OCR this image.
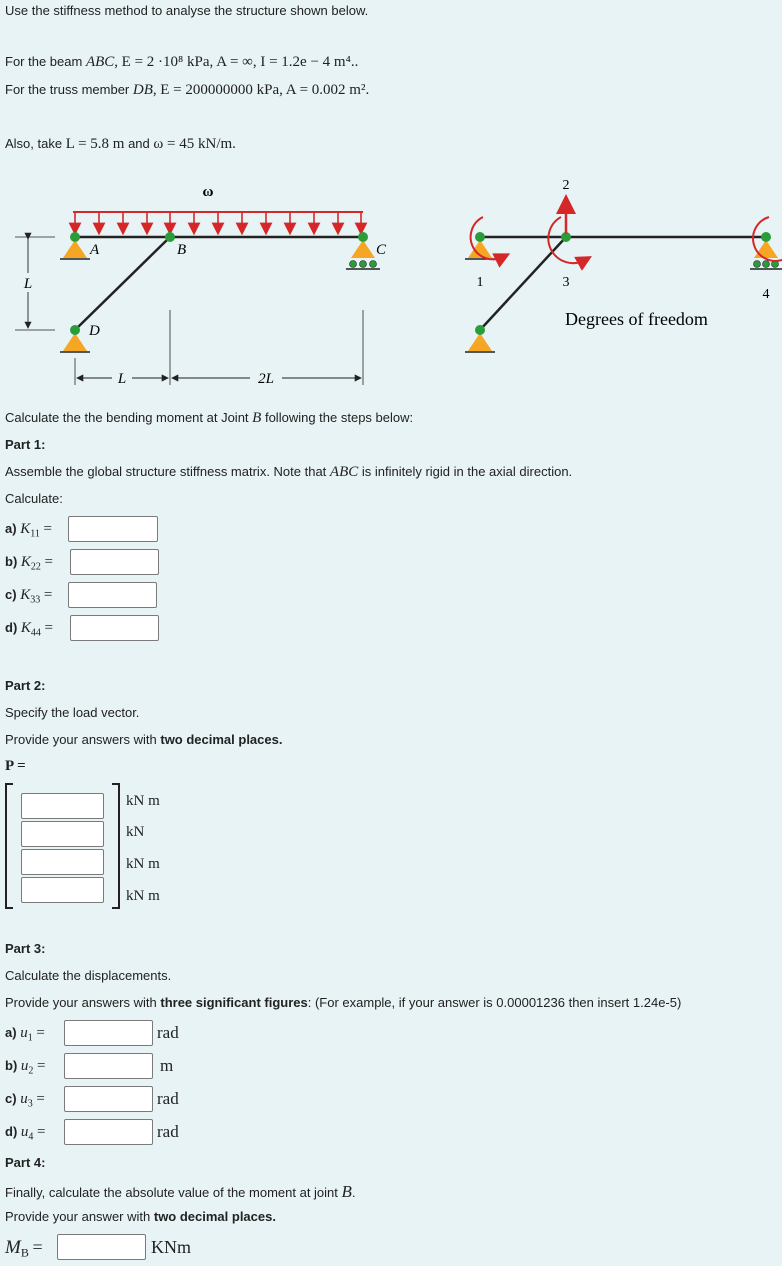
Use the stiffness method to analyse the structure shown below.
For the beam ABC, E = 2 ·10⁸ kPa, A = ∞, I = 1.2e − 4 m⁴..
For the truss member DB, E = 200000000 kPa, A = 0.002 m².
Also, take L = 5.8 m and ω = 45 kN/m.
ω
A	B	C
D
L
L	2L
1
2
3
4
Degrees of freedom
Calculate the the bending moment at Joint B following the steps below:
Part 1:
Assemble the global structure stiffness matrix. Note that ABC is infinitely rigid in the axial direction.
Calculate:
a) $K_{11}$ =
b) $K_{22}$ =
c) $K_{33}$ =
d) $K_{44}$ =
Part 2:
Specify the load vector.
Provide your answers with two decimal places.
P =
kN m
kN
kN m
kN m
Part 3:
Calculate the displacements.
Provide your answers with three significant figures: (For example, if your answer is 0.00001236 then insert 1.24e-5)
a) $u_1$ =	rad
b) $u_2$ =	m
c) $u_3$ =	rad
d) $u_4$ =	rad
Part 4:
Finally, calculate the absolute value of the moment at joint B.
Provide your answer with two decimal places.
$M_B$ =	KNm
